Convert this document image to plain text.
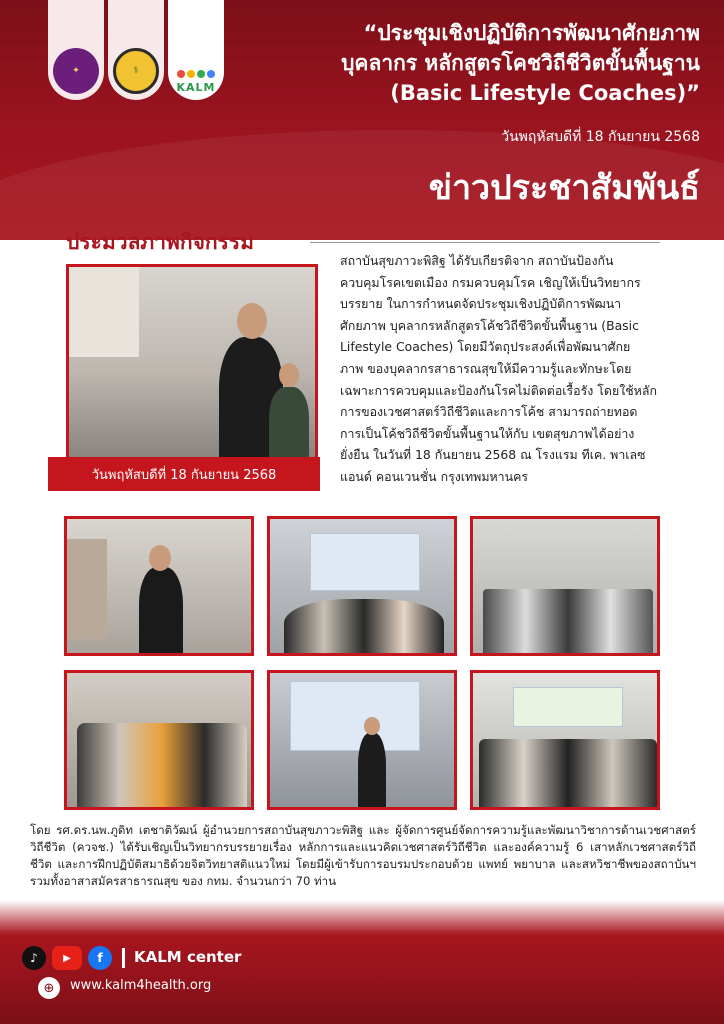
✦	⚕
KALM
“ประชุมเชิงปฏิบัติการพัฒนาศักยภาพ
บุคลากร หลักสูตรโคชวิถีชีวิตขั้นพื้นฐาน
(Basic Lifestyle Coaches)”
วันพฤหัสบดีที่ 18 กันยายน 2568
ข่าวประชาสัมพันธ์
ประมวลภาพกิจกรรม
วันพฤหัสบดีที่ 18 กันยายน 2568

สถาบันสุขภาวะพิสิฐ ได้รับเกียรติจาก สถาบันป้องกัน

ควบคุมโรคเขตเมือง กรมควบคุมโรค เชิญให้เป็นวิทยากร

บรรยาย ในการกำหนดจัดประชุมเชิงปฏิบัติการพัฒนา

ศักยภาพ บุคลากรหลักสูตรโค้ชวิถีชีวิตขั้นพื้นฐาน (Basic

Lifestyle Coaches) โดยมีวัตถุประสงค์เพื่อพัฒนาศักย

ภาพ ของบุคลากรสาธารณสุขให้มีความรู้และทักษะโดย

เฉพาะการควบคุมและป้องกันโรคไม่ติดต่อเรื้อรัง โดยใช้หลัก

การของเวชศาสตร์วิถีชีวิตและการโค้ช สามารถถ่ายทอด

การเป็นโค้ชวิถีชีวิตขั้นพื้นฐานให้กับ เขตสุขภาพได้อย่าง

ยั่งยืน ในวันที่ 18 กันยายน 2568 ณ โรงแรม ทีเค. พาเลซ

แอนด์ คอนเวนชั่น กรุงเทพมหานคร

โดย รศ.ดร.นพ.ภูดิท เตชาติวัฒน์ ผู้อำนวยการสถาบันสุขภาวะพิสิฐ และ ผู้จัดการศูนย์จัดการความรู้และพัฒนาวิชาการด้านเวชศาสตร์วิถีชีวิต (ควจช.) ได้รับเชิญเป็นวิทยากรบรรยายเรื่อง หลักการและแนวคิดเวชศาสตร์วิถีชีวิต และองค์ความรู้ 6 เสาหลักเวชศาสตร์วิถีชีวิต และการฝึกปฏิบัติสมาธิด้วยจิตวิทยาสติแนวใหม่ โดยมีผู้เข้ารับการอบรมประกอบด้วย แพทย์ พยาบาล และสหวิชาชีพของสถาบันฯ รวมทั้งอาสาสมัครสาธารณสุข ของ กทม. จำนวนกว่า 70 ท่าน
♪	▶	f	KALM center
⊕	www.kalm4health.org
